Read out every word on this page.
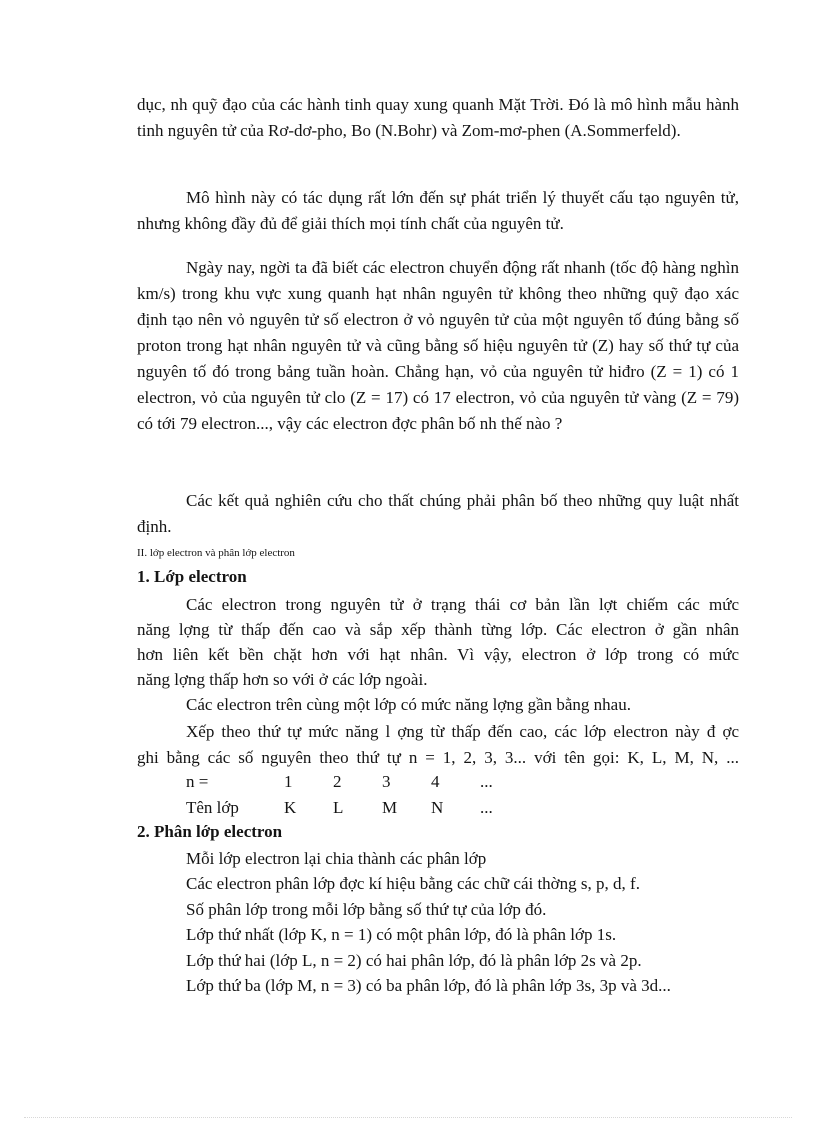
dục, nh quỹ đạo của các hành tinh quay xung quanh Mặt Trời. Đó là mô hình mẫu hành tinh nguyên tử của Rơ-dơ-pho, Bo (N.Bohr) và Zom-mơ-phen (A.Sommerfeld).

Mô hình này có tác dụng rất lớn đến sự phát triển lý thuyết cấu tạo nguyên tử, nhưng không đầy đủ để giải thích mọi tính chất của nguyên tử.

Ngày nay, ngời ta đã biết các electron chuyển động rất nhanh (tốc độ hàng nghìn km/s) trong khu vực xung quanh hạt nhân nguyên tử không theo những quỹ đạo xác định tạo nên vỏ nguyên tử số electron ở vỏ nguyên tử của một nguyên tố đúng bằng số proton trong hạt nhân nguyên tử và cũng bằng số hiệu nguyên tử (Z) hay số thứ tự của nguyên tố đó trong bảng tuần hoàn. Chẳng hạn, vỏ của nguyên tử hiđro (Z = 1) có 1 electron, vỏ của nguyên tử clo (Z = 17) có 17 electron, vỏ của nguyên tử vàng (Z = 79) có tới 79 electron..., vậy các electron đợc phân bố nh thế nào ?

Các kết quả nghiên cứu cho thất chúng phải phân bố theo những quy luật nhất định.

II. lớp electron và phân lớp electron

1. Lớp electron

Các electron trong nguyên tử ở trạng thái cơ bản lần lợt chiếm các mức

năng lợng từ thấp đến cao và sắp xếp thành từng lớp. Các electron ở gần nhân

hơn liên kết bền chặt hơn với hạt nhân. Vì vậy, electron ở lớp trong có mức

năng lợng thấp hơn so với ở các lớp ngoài.

Các electron trên cùng một lớp có mức năng lợng gần bằng nhau.

Xếp theo thứ tự mức năng l ợng từ thấp đến cao, các lớp electron này đ ợc

ghi bằng các số nguyên theo thứ tự n = 1, 2, 3, 3... với tên gọi: K, L, M, N, ...

n =	1 2 3 4 ...
Tên lớp	K L M N ...

2. Phân lớp electron

Mỗi lớp electron lại chia thành các phân lớp

Các electron phân lớp đợc kí hiệu bằng các chữ cái thờng s, p, d, f.

Số phân lớp trong mỗi lớp bằng số thứ tự của lớp đó.

Lớp thứ nhất (lớp K, n = 1) có một phân lớp, đó là phân lớp 1s.

Lớp thứ hai (lớp L, n = 2) có hai phân lớp, đó là phân lớp 2s và 2p.

Lớp thứ ba (lớp M, n = 3) có ba phân lớp, đó là phân lớp 3s, 3p và 3d...
